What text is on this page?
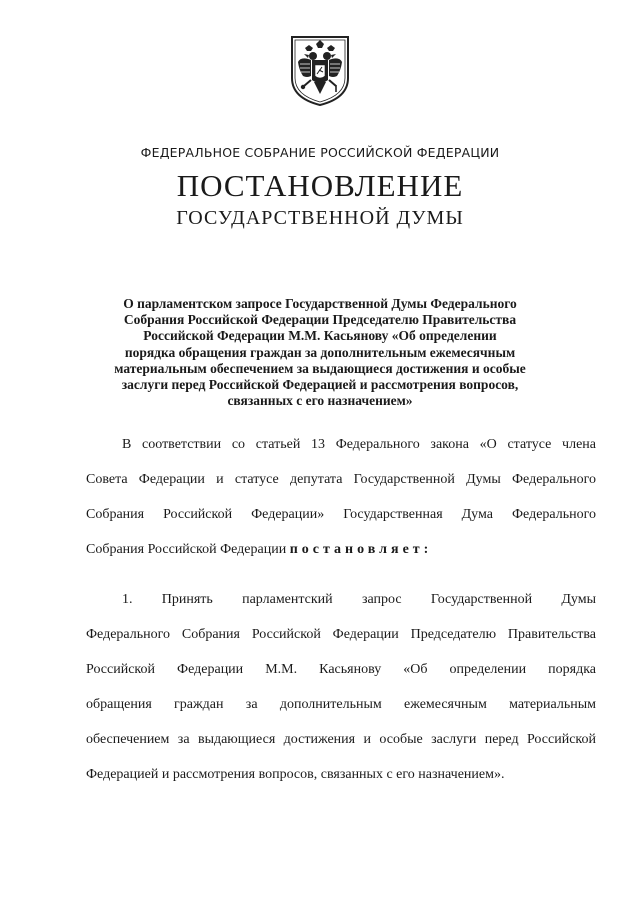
ФЕДЕРАЛЬНОЕ СОБРАНИЕ РОССИЙСКОЙ ФЕДЕРАЦИИ
ПОСТАНОВЛЕНИЕ
ГОСУДАРСТВЕННОЙ ДУМЫ
О парламентском запросе Государственной Думы Федерального
Собрания Российской Федерации Председателю Правительства
Российской Федерации М.М. Касьянову «Об определении
порядка обращения граждан за дополнительным ежемесячным
материальным обеспечением за выдающиеся достижения и особые
заслуги перед Российской Федерацией и рассмотрения вопросов,
связанных с его назначением»
В соответствии со статьей 13 Федерального закона «О статусе члена
Совета Федерации и статусе депутата Государственной Думы Федерального
Собрания Российской Федерации» Государственная Дума Федерального
Собрания Российской Федерации постановляет:
1. Принять парламентский запрос Государственной Думы
Федерального Собрания Российской Федерации Председателю Правительства
Российской Федерации М.М. Касьянову «Об определении порядка
обращения граждан за дополнительным ежемесячным материальным
обеспечением за выдающиеся достижения и особые заслуги перед Российской
Федерацией и рассмотрения вопросов, связанных с его назначением».
